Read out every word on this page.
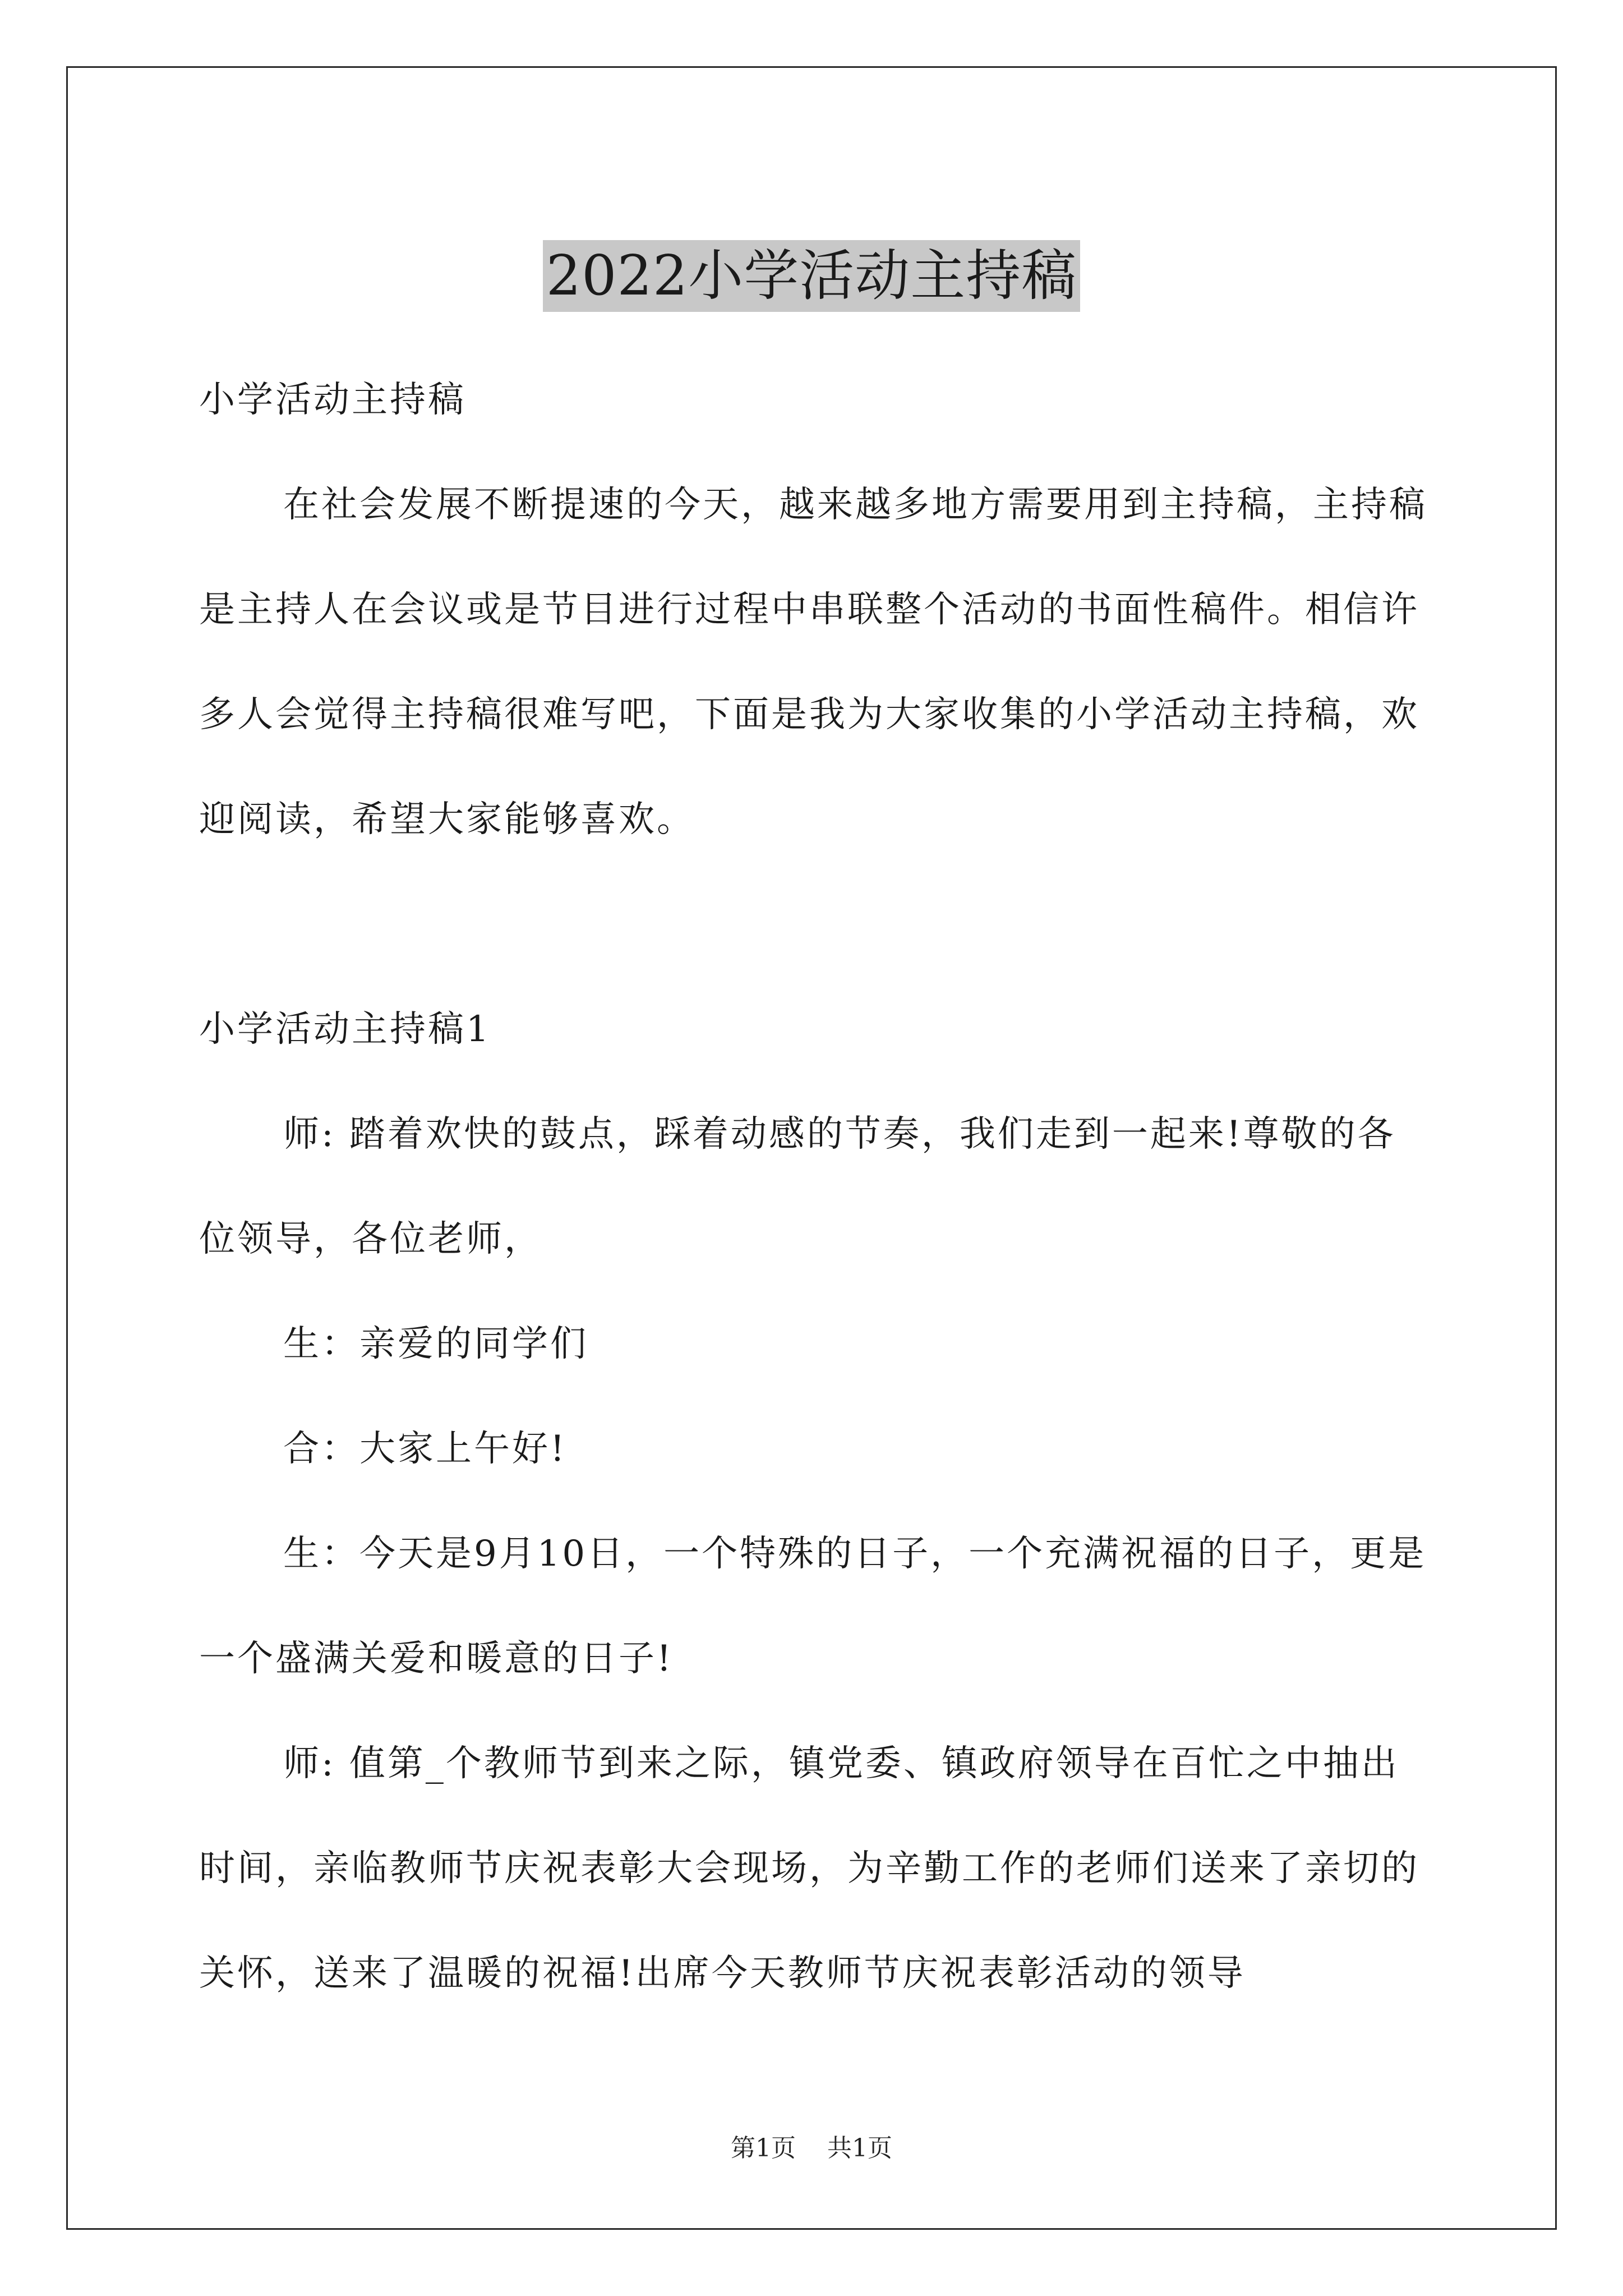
2022小学活动主持稿

小学活动主持稿

在社会发展不断提速的今天，越来越多地方需要用到主持稿，主持稿是主持人在会议或是节目进行过程中串联整个活动的书面性稿件。相信许多人会觉得主持稿很难写吧，下面是我为大家收集的小学活动主持稿，欢迎阅读，希望大家能够喜欢。

小学活动主持稿1

师: 踏着欢快的鼓点，踩着动感的节奏，我们走到一起来!尊敬的各位领导，各位老师，

生：亲爱的同学们

合：大家上午好!

生：今天是9月10日，一个特殊的日子，一个充满祝福的日子，更是一个盛满关爱和暖意的日子!

师: 值第_个教师节到来之际，镇党委、镇政府领导在百忙之中抽出时间，亲临教师节庆祝表彰大会现场，为辛勤工作的老师们送来了亲切的关怀，送来了温暖的祝福!出席今天教师节庆祝表彰活动的领导

第1页 共1页
